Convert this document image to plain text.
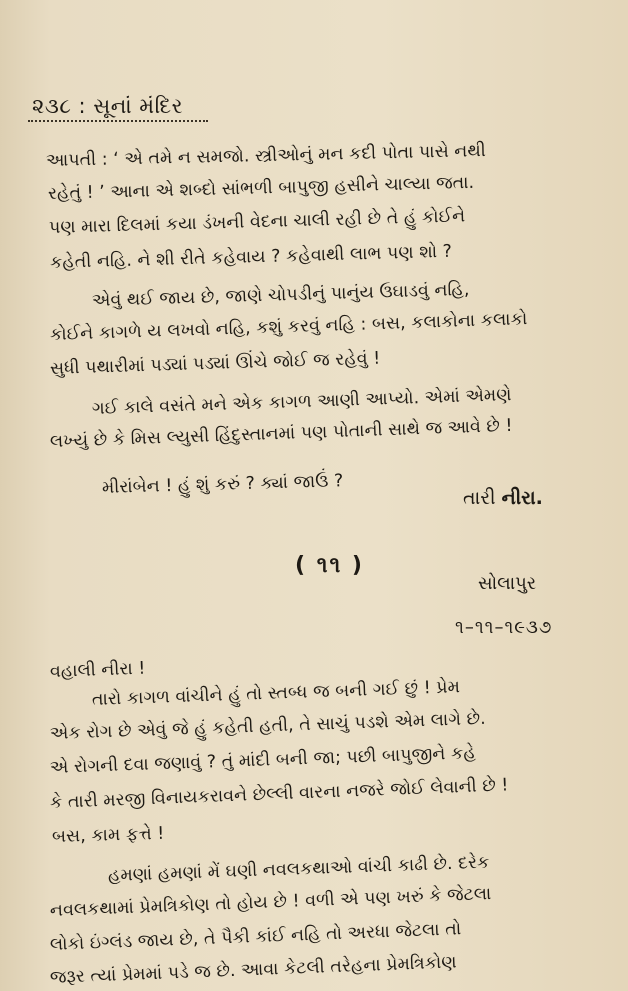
૨૩૮ : સૂનાં મંદિર
આપતી : ‘ એ તમે ન સમજો. સ્ત્રીઓનું મન કદી પોતા પાસે નથી
રહેતું ! ’ આના એ શબ્દો સાંભળી બાપુજી હસીને ચાલ્યા જતા.
પણ મારા દિલમાં કયા ડંખની વેદના ચાલી રહી છે તે હું કોઈને
કહેતી નહિ. ને શી રીતે કહેવાય ? કહેવાથી લાભ પણ શો ?
એવું થઈ જાય છે, જાણે ચોપડીનું પાનુંય ઉઘાડવું નહિ,
કોઈને કાગળે ય લખવો નહિ, કશું કરવું નહિ : બસ, કલાકોના કલાકો
સુધી પથારીમાં પડ્યાં પડ્યાં ઊંચે જોઈ જ રહેવું !
ગઈ કાલે વસંતે મને એક કાગળ આણી આપ્યો. એમાં એમણે
લખ્યું છે કે મિસ લ્યુસી હિંદુસ્તાનમાં પણ પોતાની સાથે જ આવે છે !
મીરાંબેન ! હું શું કરું ? ક્યાં જાઉં ?
તારી નીરા.
( ૧૧ )
સોલાપુર
૧–૧૧–૧૯૩૭
વહાલી નીરા !
તારો કાગળ વાંચીને હું તો સ્તબ્ધ જ બની ગઈ છું ! પ્રેમ
એક રોગ છે એવું જે હું કહેતી હતી, તે સાચું પડશે એમ લાગે છે.
એ રોગની દવા જણાવું ? તું માંદી બની જા; પછી બાપુજીને કહે
કે તારી મરજી વિનાયકરાવને છેલ્લી વારના નજરે જોઈ લેવાની છે !
બસ, કામ ફત્તે !
હમણાં હમણાં મેં ઘણી નવલકથાઓ વાંચી કાઢી છે. દરેક
નવલકથામાં પ્રેમત્રિકોણ તો હોય છે ! વળી એ પણ ખરું કે જેટલા
લોકો ઇંગ્લંડ જાય છે, તે પૈકી કાંઈ નહિ તો અરધા જેટલા તો
જરૂર ત્યાં પ્રેમમાં પડે જ છે. આવા કેટલી તરેહના પ્રેમત્રિકોણ
